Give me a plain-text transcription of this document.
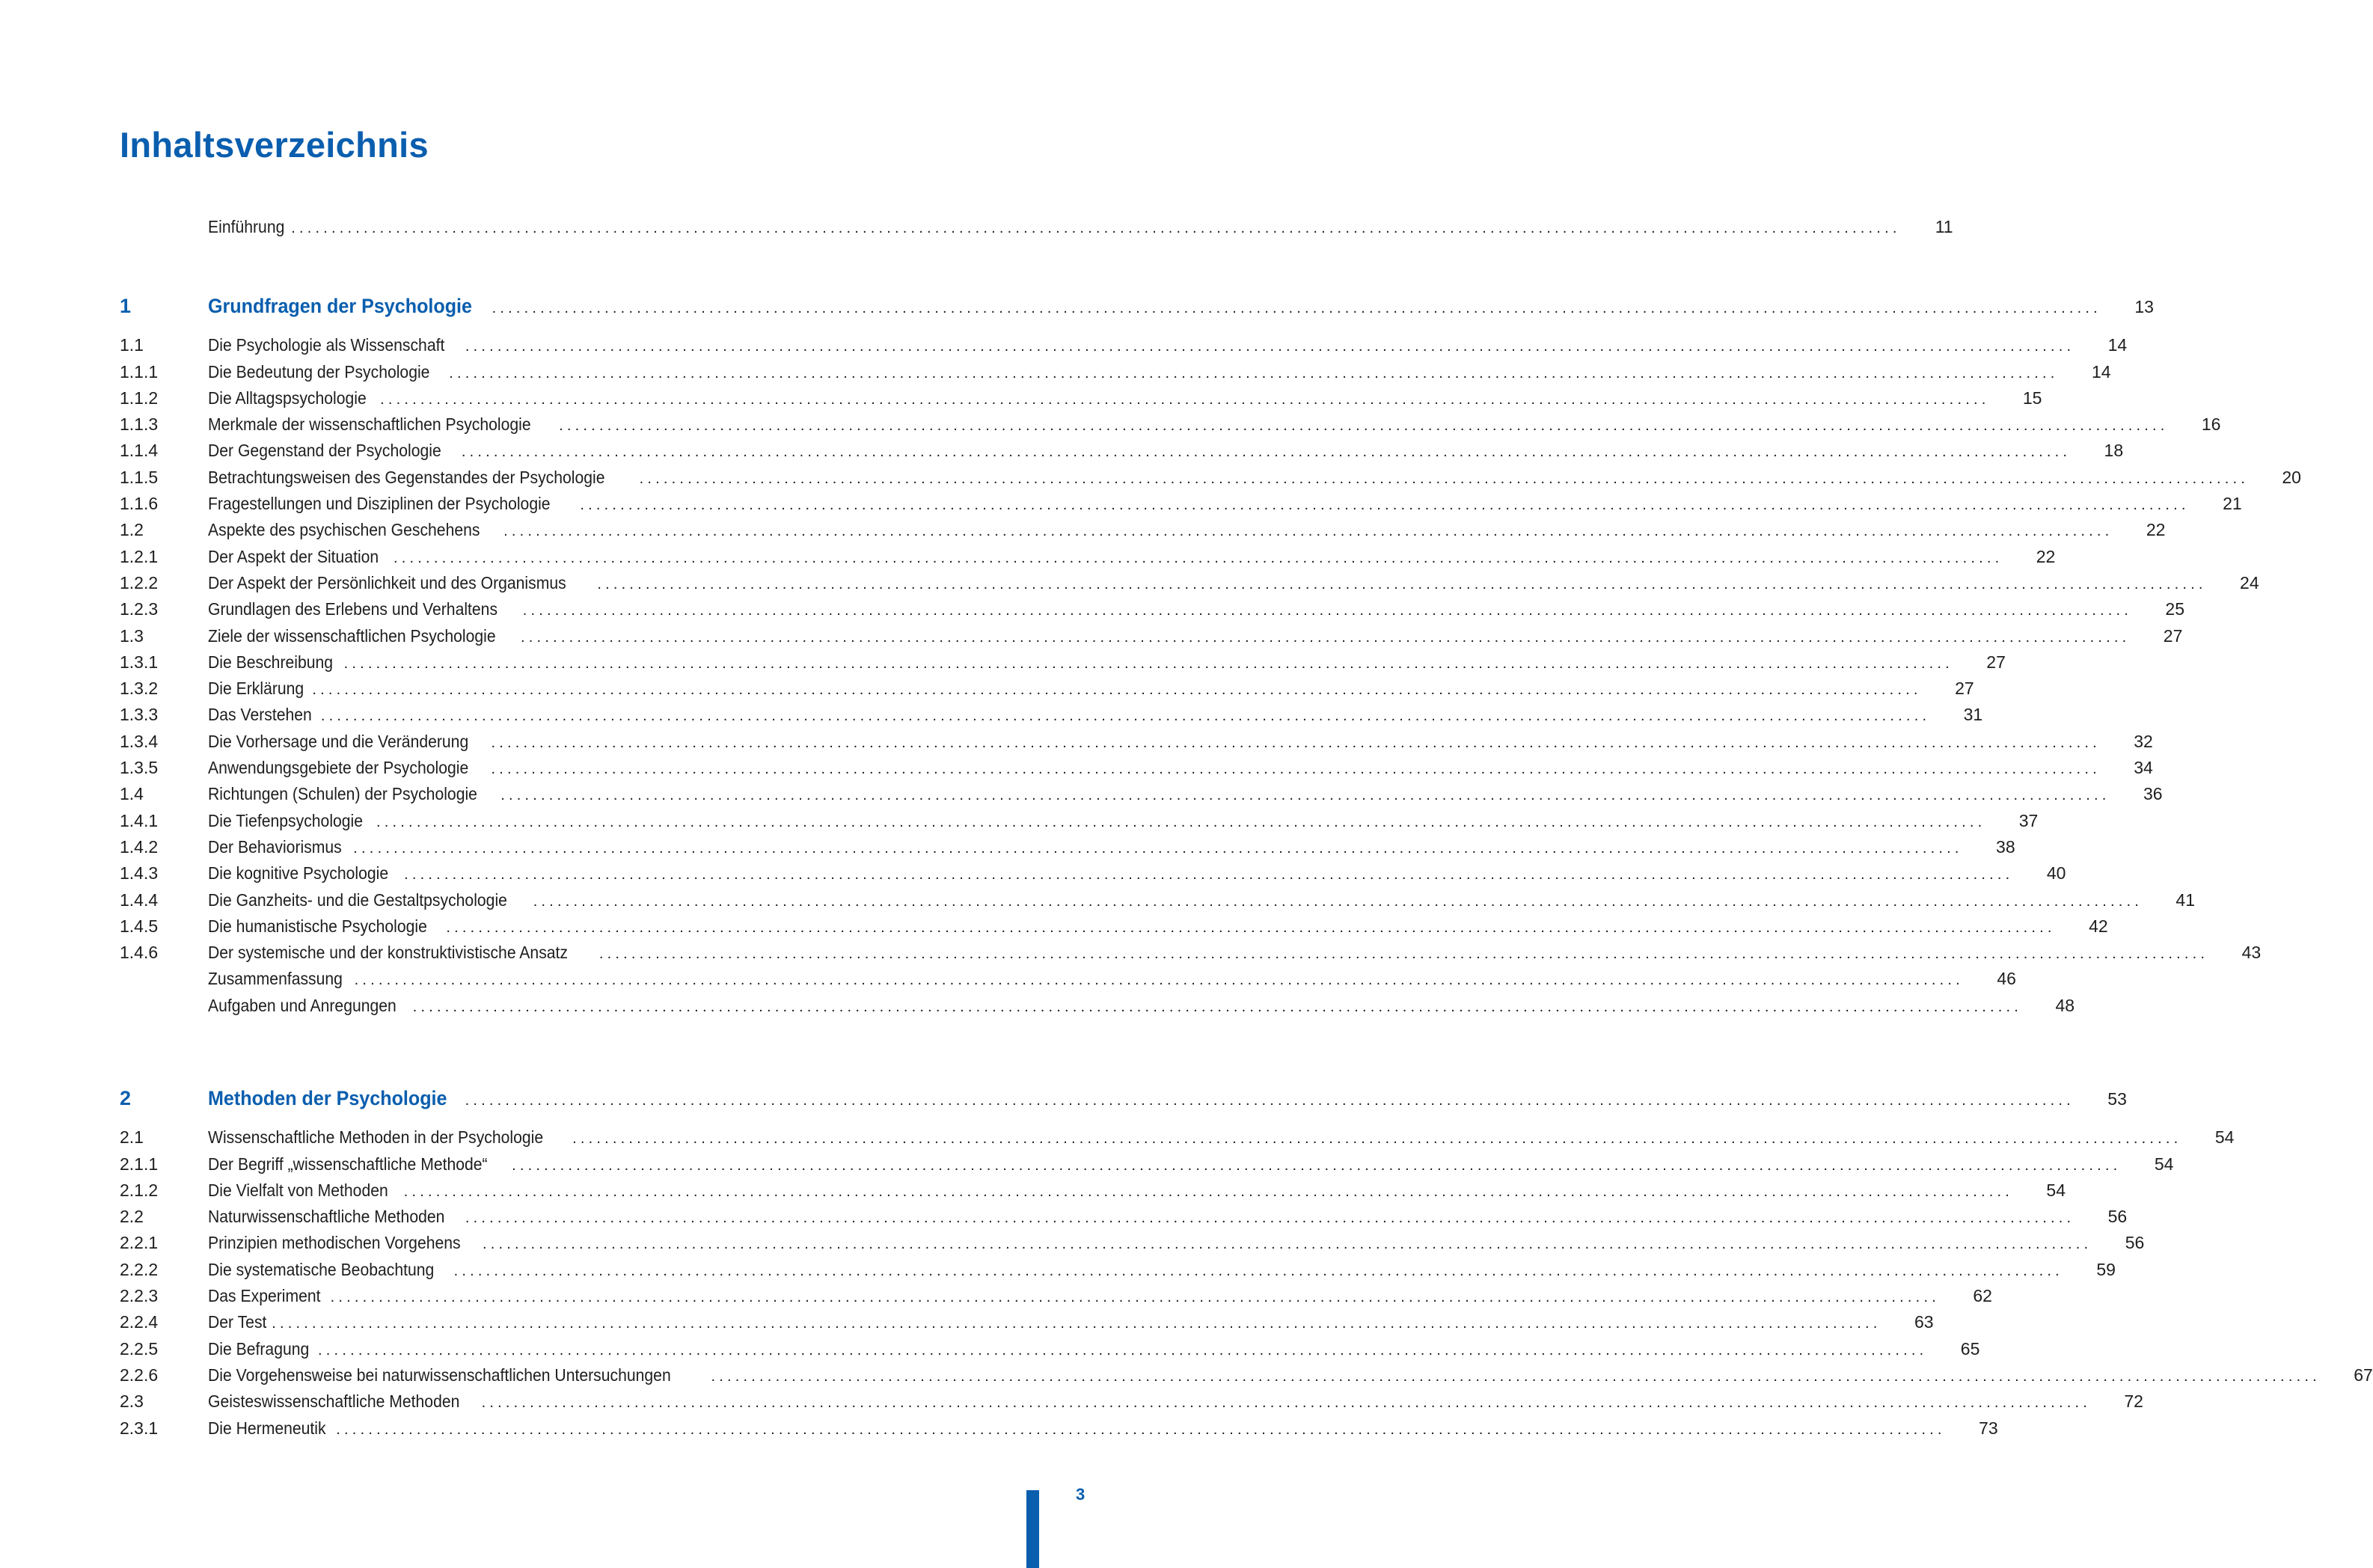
Inhaltsverzeichnis
Einführung ........................................................................................................................................................................................................	11
1	Grundfragen der Psychologie ........................................................................................................................................................................................................	13
1.1	Die Psychologie als Wissenschaft ........................................................................................................................................................................................................	14
1.1.1	Die Bedeutung der Psychologie ........................................................................................................................................................................................................	14
1.1.2	Die Alltagspsychologie ........................................................................................................................................................................................................	15
1.1.3	Merkmale der wissenschaftlichen Psychologie ........................................................................................................................................................................................................	16
1.1.4	Der Gegenstand der Psychologie ........................................................................................................................................................................................................	18
1.1.5	Betrachtungsweisen des Gegenstandes der Psychologie ........................................................................................................................................................................................................	20
1.1.6	Fragestellungen und Disziplinen der Psychologie ........................................................................................................................................................................................................	21
1.2	Aspekte des psychischen Geschehens ........................................................................................................................................................................................................	22
1.2.1	Der Aspekt der Situation ........................................................................................................................................................................................................	22
1.2.2	Der Aspekt der Persönlichkeit und des Organismus ........................................................................................................................................................................................................	24
1.2.3	Grundlagen des Erlebens und Verhaltens ........................................................................................................................................................................................................	25
1.3	Ziele der wissenschaftlichen Psychologie ........................................................................................................................................................................................................	27
1.3.1	Die Beschreibung ........................................................................................................................................................................................................	27
1.3.2	Die Erklärung ........................................................................................................................................................................................................	27
1.3.3	Das Verstehen ........................................................................................................................................................................................................	31
1.3.4	Die Vorhersage und die Veränderung ........................................................................................................................................................................................................	32
1.3.5	Anwendungsgebiete der Psychologie ........................................................................................................................................................................................................	34
1.4	Richtungen (Schulen) der Psychologie ........................................................................................................................................................................................................	36
1.4.1	Die Tiefenpsychologie ........................................................................................................................................................................................................	37
1.4.2	Der Behaviorismus ........................................................................................................................................................................................................	38
1.4.3	Die kognitive Psychologie ........................................................................................................................................................................................................	40
1.4.4	Die Ganzheits- und die Gestaltpsychologie ........................................................................................................................................................................................................	41
1.4.5	Die humanistische Psychologie ........................................................................................................................................................................................................	42
1.4.6	Der systemische und der konstruktivistische Ansatz ........................................................................................................................................................................................................	43
Zusammenfassung ........................................................................................................................................................................................................	46
Aufgaben und Anregungen ........................................................................................................................................................................................................	48
2	Methoden der Psychologie ........................................................................................................................................................................................................	53
2.1	Wissenschaftliche Methoden in der Psychologie ........................................................................................................................................................................................................	54
2.1.1	Der Begriff „wissenschaftliche Methode“ ........................................................................................................................................................................................................	54
2.1.2	Die Vielfalt von Methoden ........................................................................................................................................................................................................	54
2.2	Naturwissenschaftliche Methoden ........................................................................................................................................................................................................	56
2.2.1	Prinzipien methodischen Vorgehens ........................................................................................................................................................................................................	56
2.2.2	Die systematische Beobachtung ........................................................................................................................................................................................................	59
2.2.3	Das Experiment ........................................................................................................................................................................................................	62
2.2.4	Der Test ........................................................................................................................................................................................................	63
2.2.5	Die Befragung ........................................................................................................................................................................................................	65
2.2.6	Die Vorgehensweise bei naturwissenschaftlichen Untersuchungen	........................................................................................................................................................................................................	67
2.3	Geisteswissenschaftliche Methoden ........................................................................................................................................................................................................	72
2.3.1	Die Hermeneutik ........................................................................................................................................................................................................	73
3
